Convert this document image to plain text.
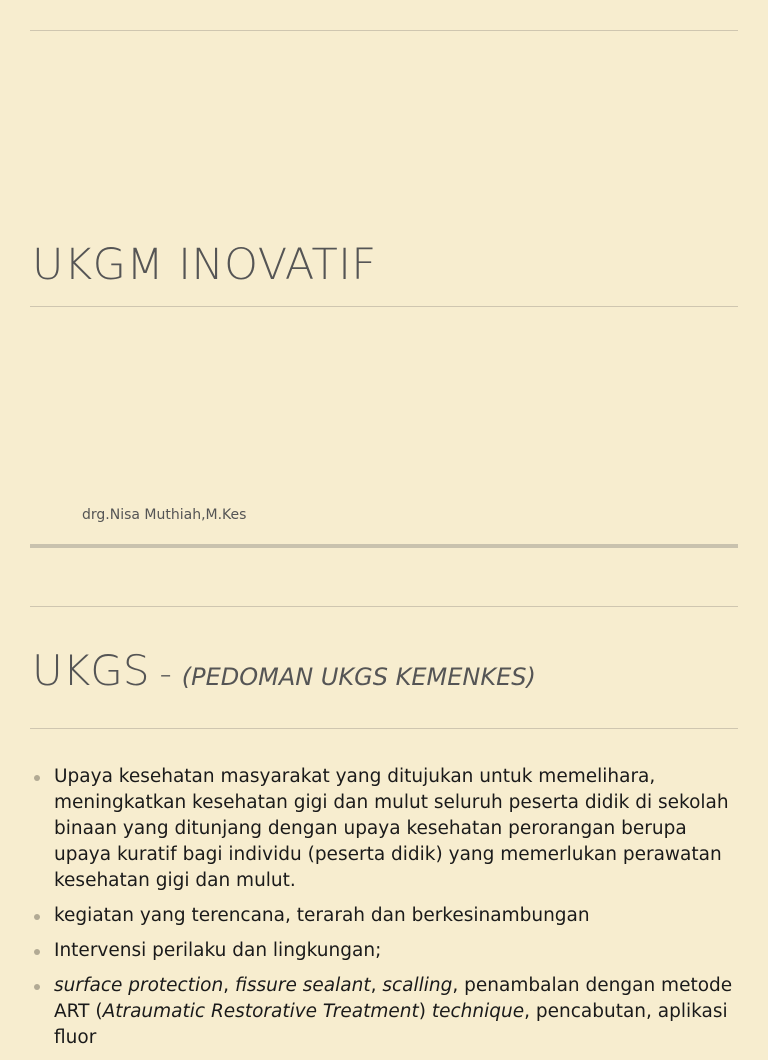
UKGM INOVATIF
drg.Nisa Muthiah,M.Kes
UKGS - (PEDOMAN UKGS KEMENKES)
Upaya kesehatan masyarakat yang ditujukan untuk memelihara, meningkatkan kesehatan gigi dan mulut seluruh peserta didik di sekolah binaan yang ditunjang dengan upaya kesehatan perorangan berupa upaya kuratif bagi individu (peserta didik) yang memerlukan perawatan kesehatan gigi dan mulut.
kegiatan yang terencana, terarah dan berkesinambungan
Intervensi perilaku dan lingkungan;
surface protection, fissure sealant, scalling, penambalan dengan metode ART (Atraumatic Restorative Treatment) technique, pencabutan, aplikasi fluor
